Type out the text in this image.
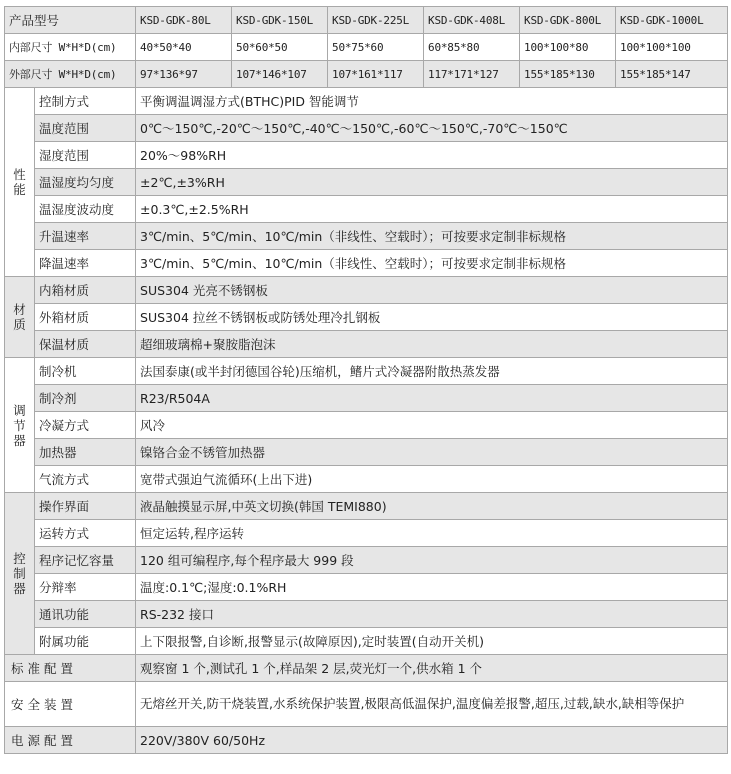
产品型号		KSD-GDK-80L	KSD-GDK-150L	KSD-GDK-225L	KSD-GDK-408L	KSD-GDK-800L	KSD-GDK-1000L
内部尺寸 W*H*D(cm)		40*50*40	50*60*50	50*75*60	60*85*80	100*100*80	100*100*100
外部尺寸 W*H*D(cm)		97*136*97	107*146*107	107*161*117	117*171*127	155*185*130	155*185*147

性能	控制方式	平衡调温调湿方式(BTHC)PID 智能调节					
	温度范围	0℃～150℃,-20℃～150℃,-40℃～150℃,-60℃～150℃,-70℃～150℃					
	湿度范围	20%～98%RH					
	温湿度均匀度	±2℃,±3%RH					
	温湿度波动度	±0.3℃,±2.5%RH					
	升温速率	3℃/min、5℃/min、10℃/min（非线性、空载时）；可按要求定制非标规格					
	降温速率	3℃/min、5℃/min、10℃/min（非线性、空载时）；可按要求定制非标规格					

材质	内箱材质	SUS304 光亮不锈钢板					
	外箱材质	SUS304 拉丝不锈钢板或防锈处理冷扎钢板					
	保温材质	超细玻璃棉+聚胺脂泡沫					

调节器	制冷机	法国泰康(或半封闭德国谷轮)压缩机，鳍片式冷凝器附散热蒸发器					
	制冷剂	R23/R504A					
	冷凝方式	风冷					
	加热器	镍铬合金不锈管加热器					
	气流方式	宽带式强迫气流循环(上出下进)					

控制器	操作界面	液晶触摸显示屏,中英文切换(韩国 TEMI880)					
	运转方式	恒定运转,程序运转					
	程序记忆容量	120 组可编程序,每个程序最大 999 段					
	分辩率	温度:0.1℃;湿度:0.1%RH					
	通讯功能	RS-232 接口					
	附属功能	上下限报警,自诊断,报警显示(故障原因),定时装置(自动开关机)					
标准配置		观察窗 1 个,测试孔 1 个,样品架 2 层,荧光灯一个,供水箱 1 个					
安全装置		无熔丝开关,防干烧装置,水系统保护装置,极限高低温保护,温度偏差报警,超压,过载,缺水,缺相等保护					
电源配置		220V/380V 60/50Hz					
